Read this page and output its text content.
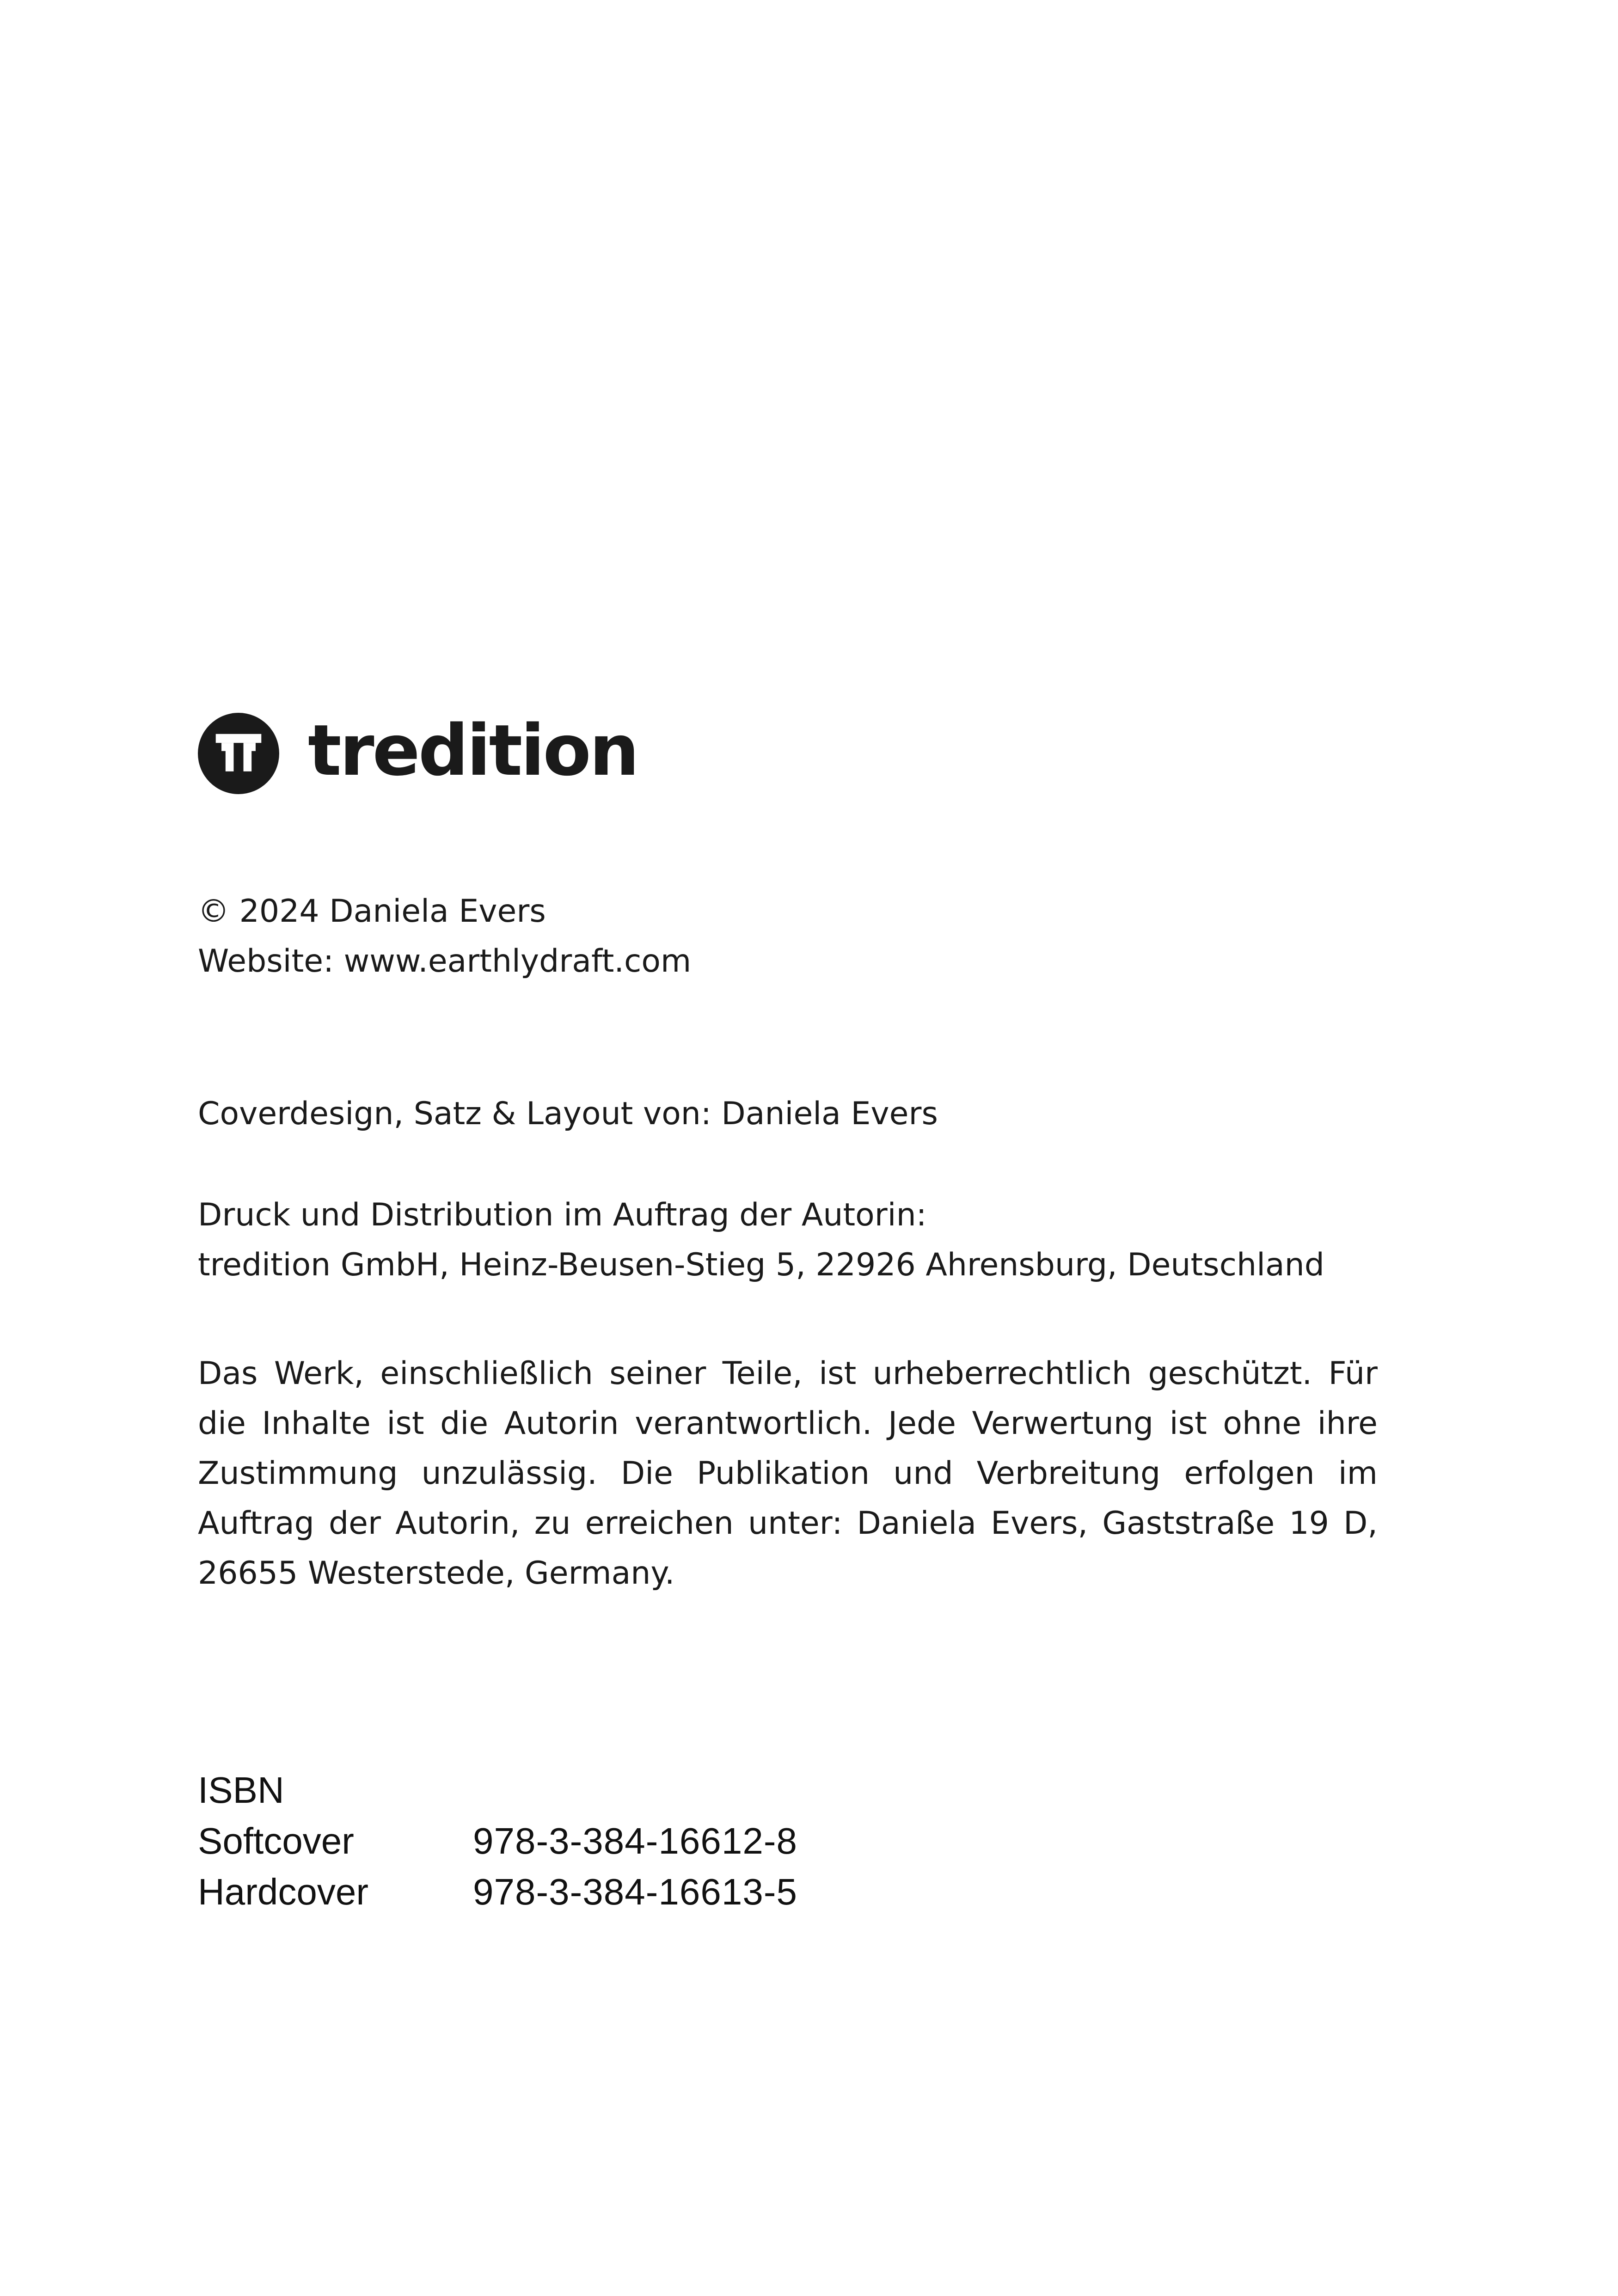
tredition
© 2024 Daniela Evers
Website: www.earthlydraft.com
Coverdesign, Satz & Layout von: Daniela Evers
Druck und Distribution im Auftrag der Autorin:
tredition GmbH, Heinz-Beusen-Stieg 5, 22926 Ahrensburg, Deutschland
Das Werk, einschließlich seiner Teile, ist urheberrechtlich geschützt. Für die Inhalte ist die Autorin verantwortlich. Jede Verwertung ist ohne ihre Zustimmung unzulässig. Die Publikation und Verbreitung erfolgen im Auftrag der Autorin, zu erreichen unter: Daniela Evers, Gaststraße 19 D, 26655 Westerstede, Germany.
ISBN
Softcover	978-3-384-16612-8
Hardcover	978-3-384-16613-5
